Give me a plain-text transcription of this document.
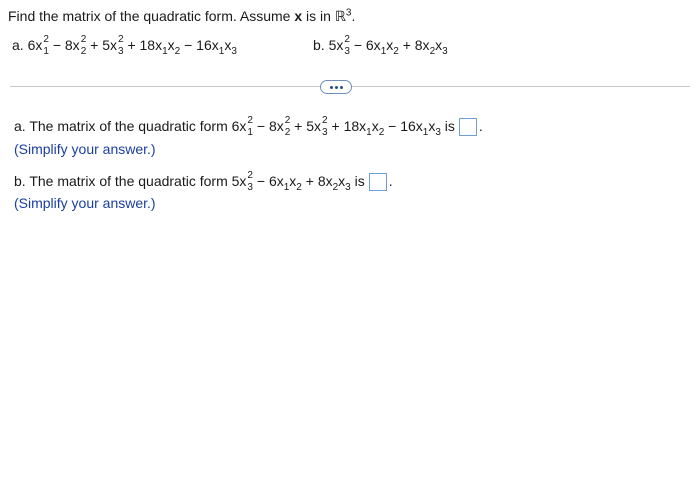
Find the matrix of the quadratic form. Assume x is in ℝ$^3$.
a. 6x 2
1 − 8x 2
2 + 5x 2
$3 + 18x_1x_2 - 16x_1x_3$	b. 5x 2
$3 - 6x_1x_2 + 8x_2x_3$
a. The matrix of the quadratic form 6x 2
1 − 8x 2
2 + 5x 2
$3 + 18x_1x_2 - 16x_1x_3$ is .
(Simplify your answer.)
b. The matrix of the quadratic form 5x 2
$3 - 6x_1x_2 + 8x_2x_3$ is .
(Simplify your answer.)
